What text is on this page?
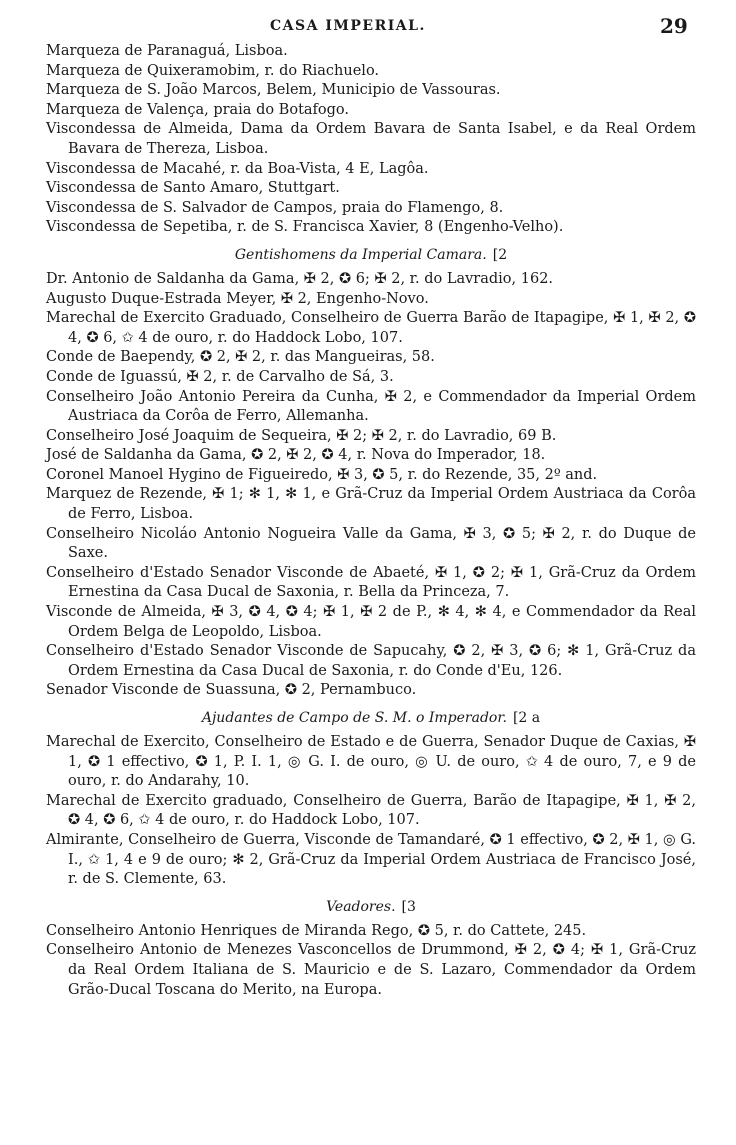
CASA IMPERIAL.	29

Marqueza de Paranaguá, Lisboa.

Marqueza de Quixeramobim, r. do Riachuelo.

Marqueza de S. João Marcos, Belem, Municipio de Vassouras.

Marqueza de Valença, praia do Botafogo.

Viscondessa de Almeida, Dama da Ordem Bavara de Santa Isabel, e da Real Ordem Bavara de Thereza, Lisboa.

Viscondessa de Macahé, r. da Boa-Vista, 4 E, Lagôa.

Viscondessa de Santo Amaro, Stuttgart.

Viscondessa de S. Salvador de Campos, praia do Flamengo, 8.

Viscondessa de Sepetiba, r. de S. Francisca Xavier, 8 (Engenho-Velho).

Gentishomens da Imperial Camara. [2

Dr. Antonio de Saldanha da Gama, ✠ 2, ✪ 6; ✠ 2, r. do Lavradio, 162.

Augusto Duque-Estrada Meyer, ✠ 2, Engenho-Novo.

Marechal de Exercito Graduado, Conselheiro de Guerra Barão de Itapagipe, ✠ 1, ✠ 2, ✪ 4, ✪ 6, ✩ 4 de ouro, r. do Haddock Lobo, 107.

Conde de Baependy, ✪ 2, ✠ 2, r. das Mangueiras, 58.

Conde de Iguassú, ✠ 2, r. de Carvalho de Sá, 3.

Conselheiro João Antonio Pereira da Cunha, ✠ 2, e Commendador da Imperial Ordem Austriaca da Corôa de Ferro, Allemanha.

Conselheiro José Joaquim de Sequeira, ✠ 2; ✠ 2, r. do Lavradio, 69 B.

José de Saldanha da Gama, ✪ 2, ✠ 2, ✪ 4, r. Nova do Imperador, 18.

Coronel Manoel Hygino de Figueiredo, ✠ 3, ✪ 5, r. do Rezende, 35, 2º and.

Marquez de Rezende, ✠ 1; ✻ 1, ✻ 1, e Grã-Cruz da Imperial Ordem Austriaca da Corôa de Ferro, Lisboa.

Conselheiro Nicoláo Antonio Nogueira Valle da Gama, ✠ 3, ✪ 5; ✠ 2, r. do Duque de Saxe.

Conselheiro d'Estado Senador Visconde de Abaeté, ✠ 1, ✪ 2; ✠ 1, Grã-Cruz da Ordem Ernestina da Casa Ducal de Saxonia, r. Bella da Princeza, 7.

Visconde de Almeida, ✠ 3, ✪ 4, ✪ 4; ✠ 1, ✠ 2 de P., ✻ 4, ✻ 4, e Commendador da Real Ordem Belga de Leopoldo, Lisboa.

Conselheiro d'Estado Senador Visconde de Sapucahy, ✪ 2, ✠ 3, ✪ 6; ✻ 1, Grã-Cruz da Ordem Ernestina da Casa Ducal de Saxonia, r. do Conde d'Eu, 126.

Senador Visconde de Suassuna, ✪ 2, Pernambuco.

Ajudantes de Campo de S. M. o Imperador. [2 a

Marechal de Exercito, Conselheiro de Estado e de Guerra, Senador Duque de Caxias, ✠ 1, ✪ 1 effectivo, ✪ 1, P. I. 1, ◎ G. I. de ouro, ◎ U. de ouro, ✩ 4 de ouro, 7, e 9 de ouro, r. do Andarahy, 10.

Marechal de Exercito graduado, Conselheiro de Guerra, Barão de Itapagipe, ✠ 1, ✠ 2, ✪ 4, ✪ 6, ✩ 4 de ouro, r. do Haddock Lobo, 107.

Almirante, Conselheiro de Guerra, Visconde de Tamandaré, ✪ 1 effectivo, ✪ 2, ✠ 1, ◎ G. I., ✩ 1, 4 e 9 de ouro; ✻ 2, Grã-Cruz da Imperial Ordem Austriaca de Francisco José, r. de S. Clemente, 63.

Veadores. [3

Conselheiro Antonio Henriques de Miranda Rego, ✪ 5, r. do Cattete, 245.

Conselheiro Antonio de Menezes Vasconcellos de Drummond, ✠ 2, ✪ 4; ✠ 1, Grã-Cruz da Real Ordem Italiana de S. Mauricio e de S. Lazaro, Commendador da Ordem Grão-Ducal Toscana do Merito, na Europa.
